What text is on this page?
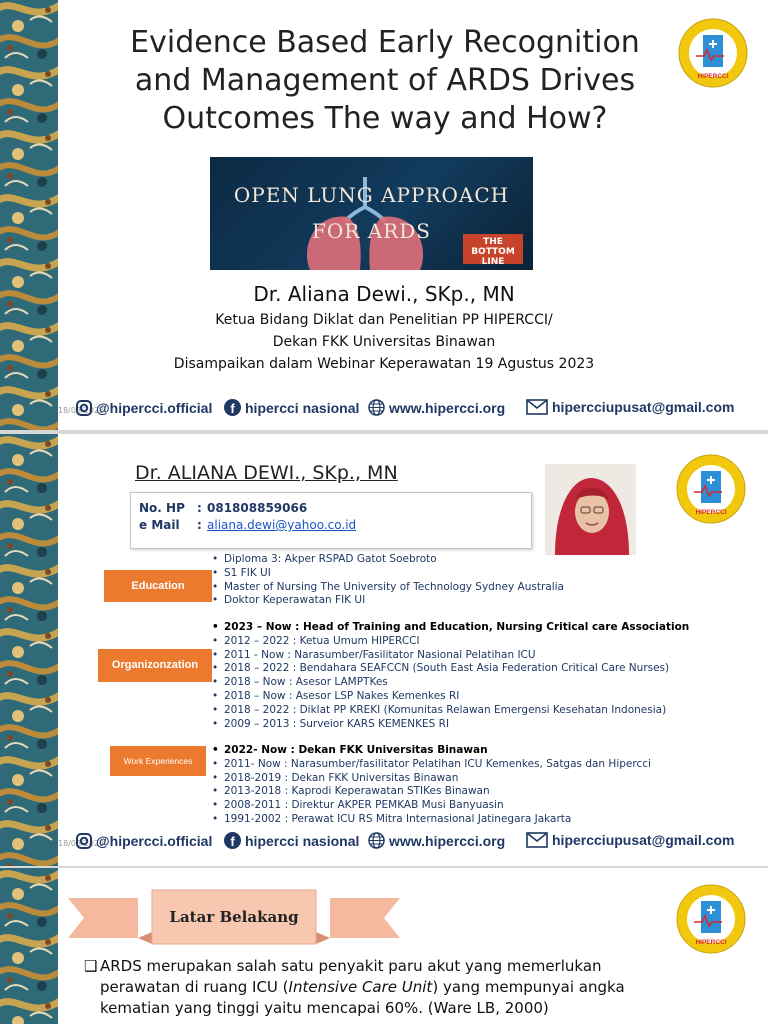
Evidence Based Early Recognition and Management of ARDS Drives Outcomes The way and How?
OPEN LUNG APPROACH
FOR ARDS	THE BOTTOM LINE
Dr. Aliana Dewi., SKp., MN
Ketua Bidang Diklat dan Penelitian PP HIPERCCI/
Dekan FKK Universitas Binawan
Disampaikan dalam Webinar Keperawatan 19 Agustus 2023
18/08/2023
@hipercci.official f hipercci nasional www.hipercci.org	hipercciupusat@gmail.com
Dr. ALIANA DEWI., SKp., MN
No. HP : 081808859066
e Mail : aliana.dewi@yahoo.co.id
Education
• Diploma 3: Akper RSPAD Gatot Soebroto
• S1 FIK UI
• Master of Nursing The University of Technology Sydney Australia
• Doktor Keperawatan FIK UI
Organizonzation
• 2023 – Now : Head of Training and Education, Nursing Critical care Association
• 2012 – 2022 : Ketua Umum HIPERCCI
• 2011 - Now : Narasumber/Fasilitator Nasional Pelatihan ICU
• 2018 – 2022 : Bendahara SEAFCCN (South East Asia Federation Critical Care Nurses)
• 2018 – Now : Asesor LAMPTKes
• 2018 – Now : Asesor LSP Nakes Kemenkes RI
• 2018 – 2022 : Diklat PP KREKI (Komunitas Relawan Emergensi Kesehatan Indonesia)
• 2009 – 2013 : Surveior KARS KEMENKES RI
Work Experiences
• 2022- Now : Dekan FKK Universitas Binawan
• 2011- Now : Narasumber/fasilitator Pelatihan ICU Kemenkes, Satgas dan Hipercci
• 2018-2019 : Dekan FKK Universitas Binawan
• 2013-2018 : Kaprodi Keperawatan STIKes Binawan
• 2008-2011 : Direktur AKPER PEMKAB Musi Banyuasin
• 1991-2002 : Perawat ICU RS Mitra Internasional Jatinegara Jakarta
18/08/2023
@hipercci.official f hipercci nasional www.hipercci.org	hipercciupusat@gmail.com
Latar Belakang
❑ ARDS merupakan salah satu penyakit paru akut yang memerlukan perawatan di ruang ICU (Intensive Care Unit) yang mempunyai angka kematian yang tinggi yaitu mencapai 60%. (Ware LB, 2000)
